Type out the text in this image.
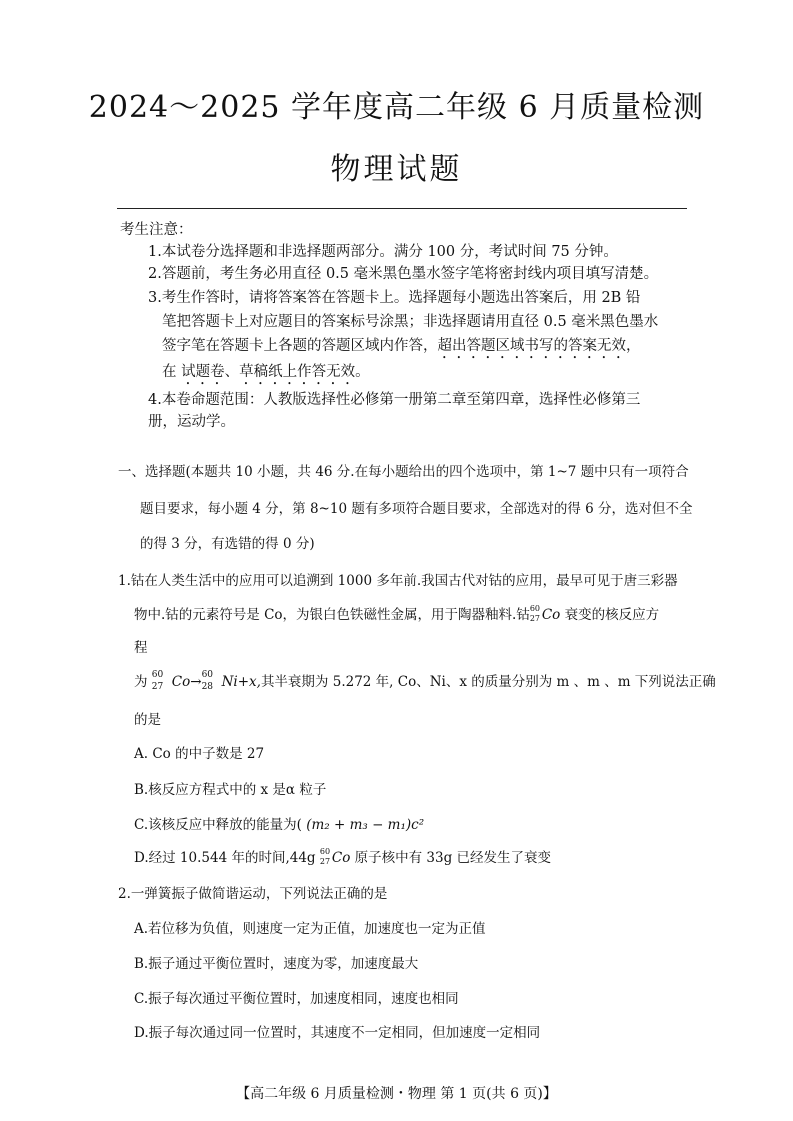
2024～2025 学年度高二年级 6 月质量检测
物理试题
考生注意：
1.本试卷分选择题和非选择题两部分。满分 100 分，考试时间 75 分钟。
2.答题前，考生务必用直径 0.5 毫米黑色墨水签字笔将密封线内项目填写清楚。
3.考生作答时，请将答案答在答题卡上。选择题每小题选出答案后，用 2B 铅
笔把答题卡上对应题目的答案标号涂黑；非选择题请用直径 0.5 毫米黑色墨水
签字笔在答题卡上各题的答题区域内作答，超出答题区域书写的答案无效，
在 试题卷、草稿纸上作答无效。
4.本卷命题范围：人教版选择性必修第一册第二章至第四章，选择性必修第三
册，运动学。
一、选择题(本题共 10 小题，共 46 分.在每小题给出的四个选项中，第 1~7 题中只有一项符合
题目要求，每小题 4 分，第 8~10 题有多项符合题目要求，全部选对的得 6 分，选对但不全
的得 3 分，有选错的得 0 分)
1.钴在人类生活中的应用可以追溯到 1000 多年前.我国古代对钴的应用，最早可见于唐三彩器
物中.钴的元素符号是 Co，为银白色铁磁性金属，用于陶器釉料.钴 60
27 Co 衰变的核反应方
程
为 60
27 Co→ 60
28 Ni+x,其半衰期为 5.272 年, Co、Ni、x 的质量分别为 m 、m 、m 下列说法正确
的是
A. Co 的中子数是 27
B.核反应方程式中的 x 是α 粒子
C.该核反应中释放的能量为( (m₂ + m₃ − m₁)c²
D.经过 10.544 年的时间,44g 60
27 Co 原子核中有 33g 已经发生了衰变
2.一弹簧振子做简谐运动，下列说法正确的是
A.若位移为负值，则速度一定为正值，加速度也一定为正值
B.振子通过平衡位置时，速度为零，加速度最大
C.振子每次通过平衡位置时，加速度相同，速度也相同
D.振子每次通过同一位置时，其速度不一定相同，但加速度一定相同
【高二年级 6 月质量检测・物理 第 1 页(共 6 页)】
